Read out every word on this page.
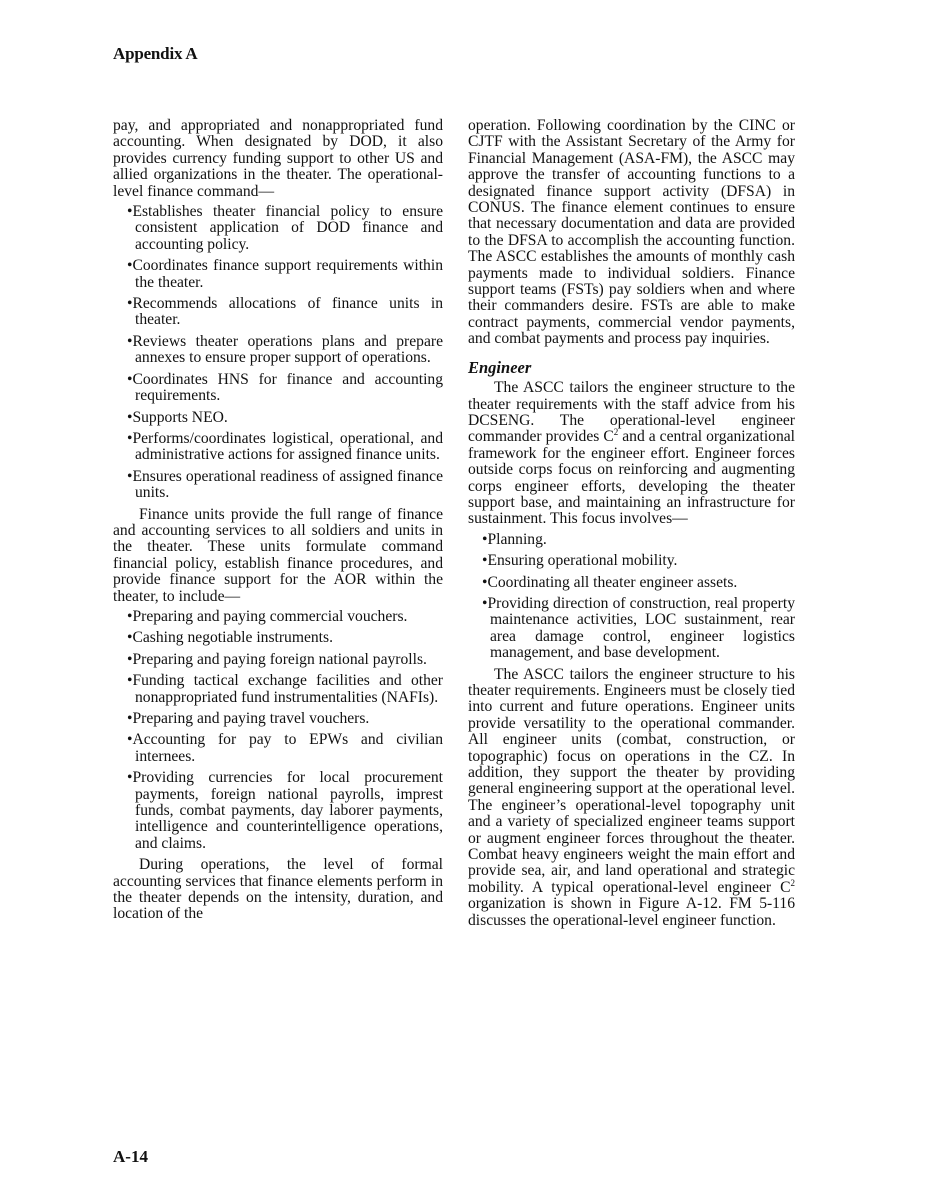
Appendix A

pay, and appropriated and nonappropriated fund accounting. When designated by DOD, it also provides currency funding support to other US and allied organizations in the theater. The operational-level finance command—

•Establishes theater financial policy to ensure consistent application of DOD finance and accounting policy.
•Coordinates finance support requirements within the theater.
•Recommends allocations of finance units in theater.
•Reviews theater operations plans and prepare annexes to ensure proper support of operations.
•Coordinates HNS for finance and accounting requirements.
•Supports NEO.
•Performs/coordinates logistical, operational, and administrative actions for assigned finance units.
•Ensures operational readiness of assigned finance units.

Finance units provide the full range of finance and accounting services to all soldiers and units in the theater. These units formulate command financial policy, establish finance procedures, and provide finance support for the AOR within the theater, to include—

•Preparing and paying commercial vouchers.
•Cashing negotiable instruments.
•Preparing and paying foreign national payrolls.
•Funding tactical exchange facilities and other nonappropriated fund instrumentalities (NAFIs).
•Preparing and paying travel vouchers.
•Accounting for pay to EPWs and civilian internees.
•Providing currencies for local procurement payments, foreign national payrolls, imprest funds, combat payments, day laborer payments, intelligence and counterintelligence operations, and claims.

During operations, the level of formal accounting services that finance elements perform in the theater depends on the intensity, duration, and location of the

operation. Following coordination by the CINC or CJTF with the Assistant Secretary of the Army for Financial Management (ASA-FM), the ASCC may approve the transfer of accounting functions to a designated finance support activity (DFSA) in CONUS. The finance element continues to ensure that necessary documentation and data are provided to the DFSA to accomplish the accounting function. The ASCC establishes the amounts of monthly cash payments made to individual soldiers. Finance support teams (FSTs) pay soldiers when and where their commanders desire. FSTs are able to make contract payments, commercial vendor payments, and combat payments and process pay inquiries.

Engineer

The ASCC tailors the engineer structure to the theater requirements with the staff advice from his DCSENG. The operational-level engineer commander provides $C^2$ and a central organizational framework for the engineer effort. Engineer forces outside corps focus on reinforcing and augmenting corps engineer efforts, developing the theater support base, and maintaining an infrastructure for sustainment. This focus involves—

•Planning.
•Ensuring operational mobility.
•Coordinating all theater engineer assets.
•Providing direction of construction, real property maintenance activities, LOC sustainment, rear area damage control, engineer logistics management, and base development.

The ASCC tailors the engineer structure to his theater requirements. Engineers must be closely tied into current and future operations. Engineer units provide versatility to the operational commander. All engineer units (combat, construction, or topographic) focus on operations in the CZ. In addition, they support the theater by providing general engineering support at the operational level. The engineer’s operational-level topography unit and a variety of specialized engineer teams support or augment engineer forces throughout the theater. Combat heavy engineers weight the main effort and provide sea, air, and land operational and strategic mobility. A typical operational-level engineer $C^2$ organization is shown in Figure A-12. FM 5-116 discusses the operational-level engineer function.

A-14
